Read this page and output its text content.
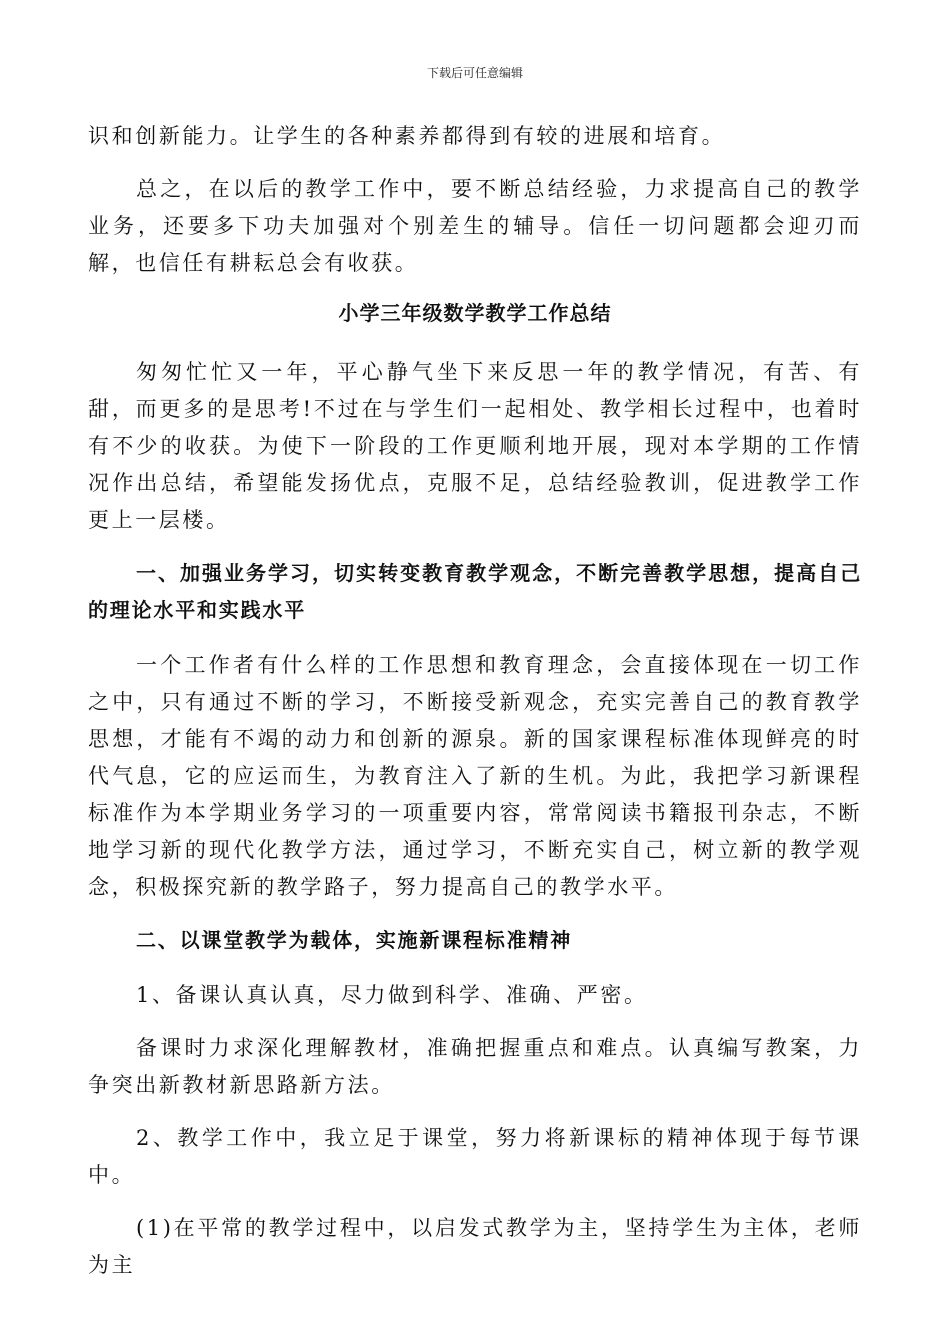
下载后可任意编辑

识和创新能力。让学生的各种素养都得到有较的进展和培育。

总之，在以后的教学工作中，要不断总结经验，力求提高自己的教学业务，还要多下功夫加强对个别差生的辅导。信任一切问题都会迎刃而解，也信任有耕耘总会有收获。

小学三年级数学教学工作总结

匆匆忙忙又一年，平心静气坐下来反思一年的教学情况，有苦、有甜，而更多的是思考!不过在与学生们一起相处、教学相长过程中，也着时有不少的收获。为使下一阶段的工作更顺利地开展，现对本学期的工作情况作出总结，希望能发扬优点，克服不足，总结经验教训，促进教学工作更上一层楼。

一、加强业务学习，切实转变教育教学观念，不断完善教学思想，提高自己的理论水平和实践水平

一个工作者有什么样的工作思想和教育理念，会直接体现在一切工作之中，只有通过不断的学习，不断接受新观念，充实完善自己的教育教学思想，才能有不竭的动力和创新的源泉。新的国家课程标准体现鲜亮的时代气息，它的应运而生，为教育注入了新的生机。为此，我把学习新课程标准作为本学期业务学习的一项重要内容，常常阅读书籍报刊杂志，不断地学习新的现代化教学方法，通过学习，不断充实自己，树立新的教学观念，积极探究新的教学路子，努力提高自己的教学水平。

二、以课堂教学为载体，实施新课程标准精神

1、备课认真认真，尽力做到科学、准确、严密。

备课时力求深化理解教材，准确把握重点和难点。认真编写教案，力争突出新教材新思路新方法。

2、教学工作中，我立足于课堂，努力将新课标的精神体现于每节课中。

(1)在平常的教学过程中，以启发式教学为主，坚持学生为主体，老师为主
